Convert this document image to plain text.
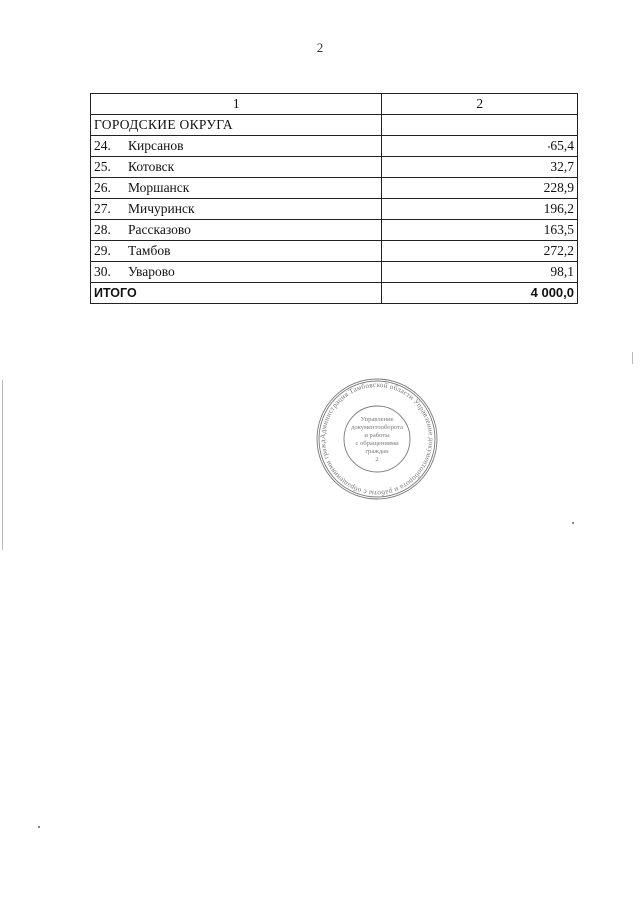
2
1	2
ГОРОДСКИЕ ОКРУГА	
24. Кирсанов	65,4
25. Котовск	32,7
26. Моршанск	228,9
27. Мичуринск	196,2
28. Рассказово	163,5
29. Тамбов	272,2
30. Уварово	98,1
ИТОГО	4 000,0
Администрация Тамбовской области Управление документооборота и работы с обращениями гражд
Управление
документооборота
и работы
с обращениями
граждан
2
